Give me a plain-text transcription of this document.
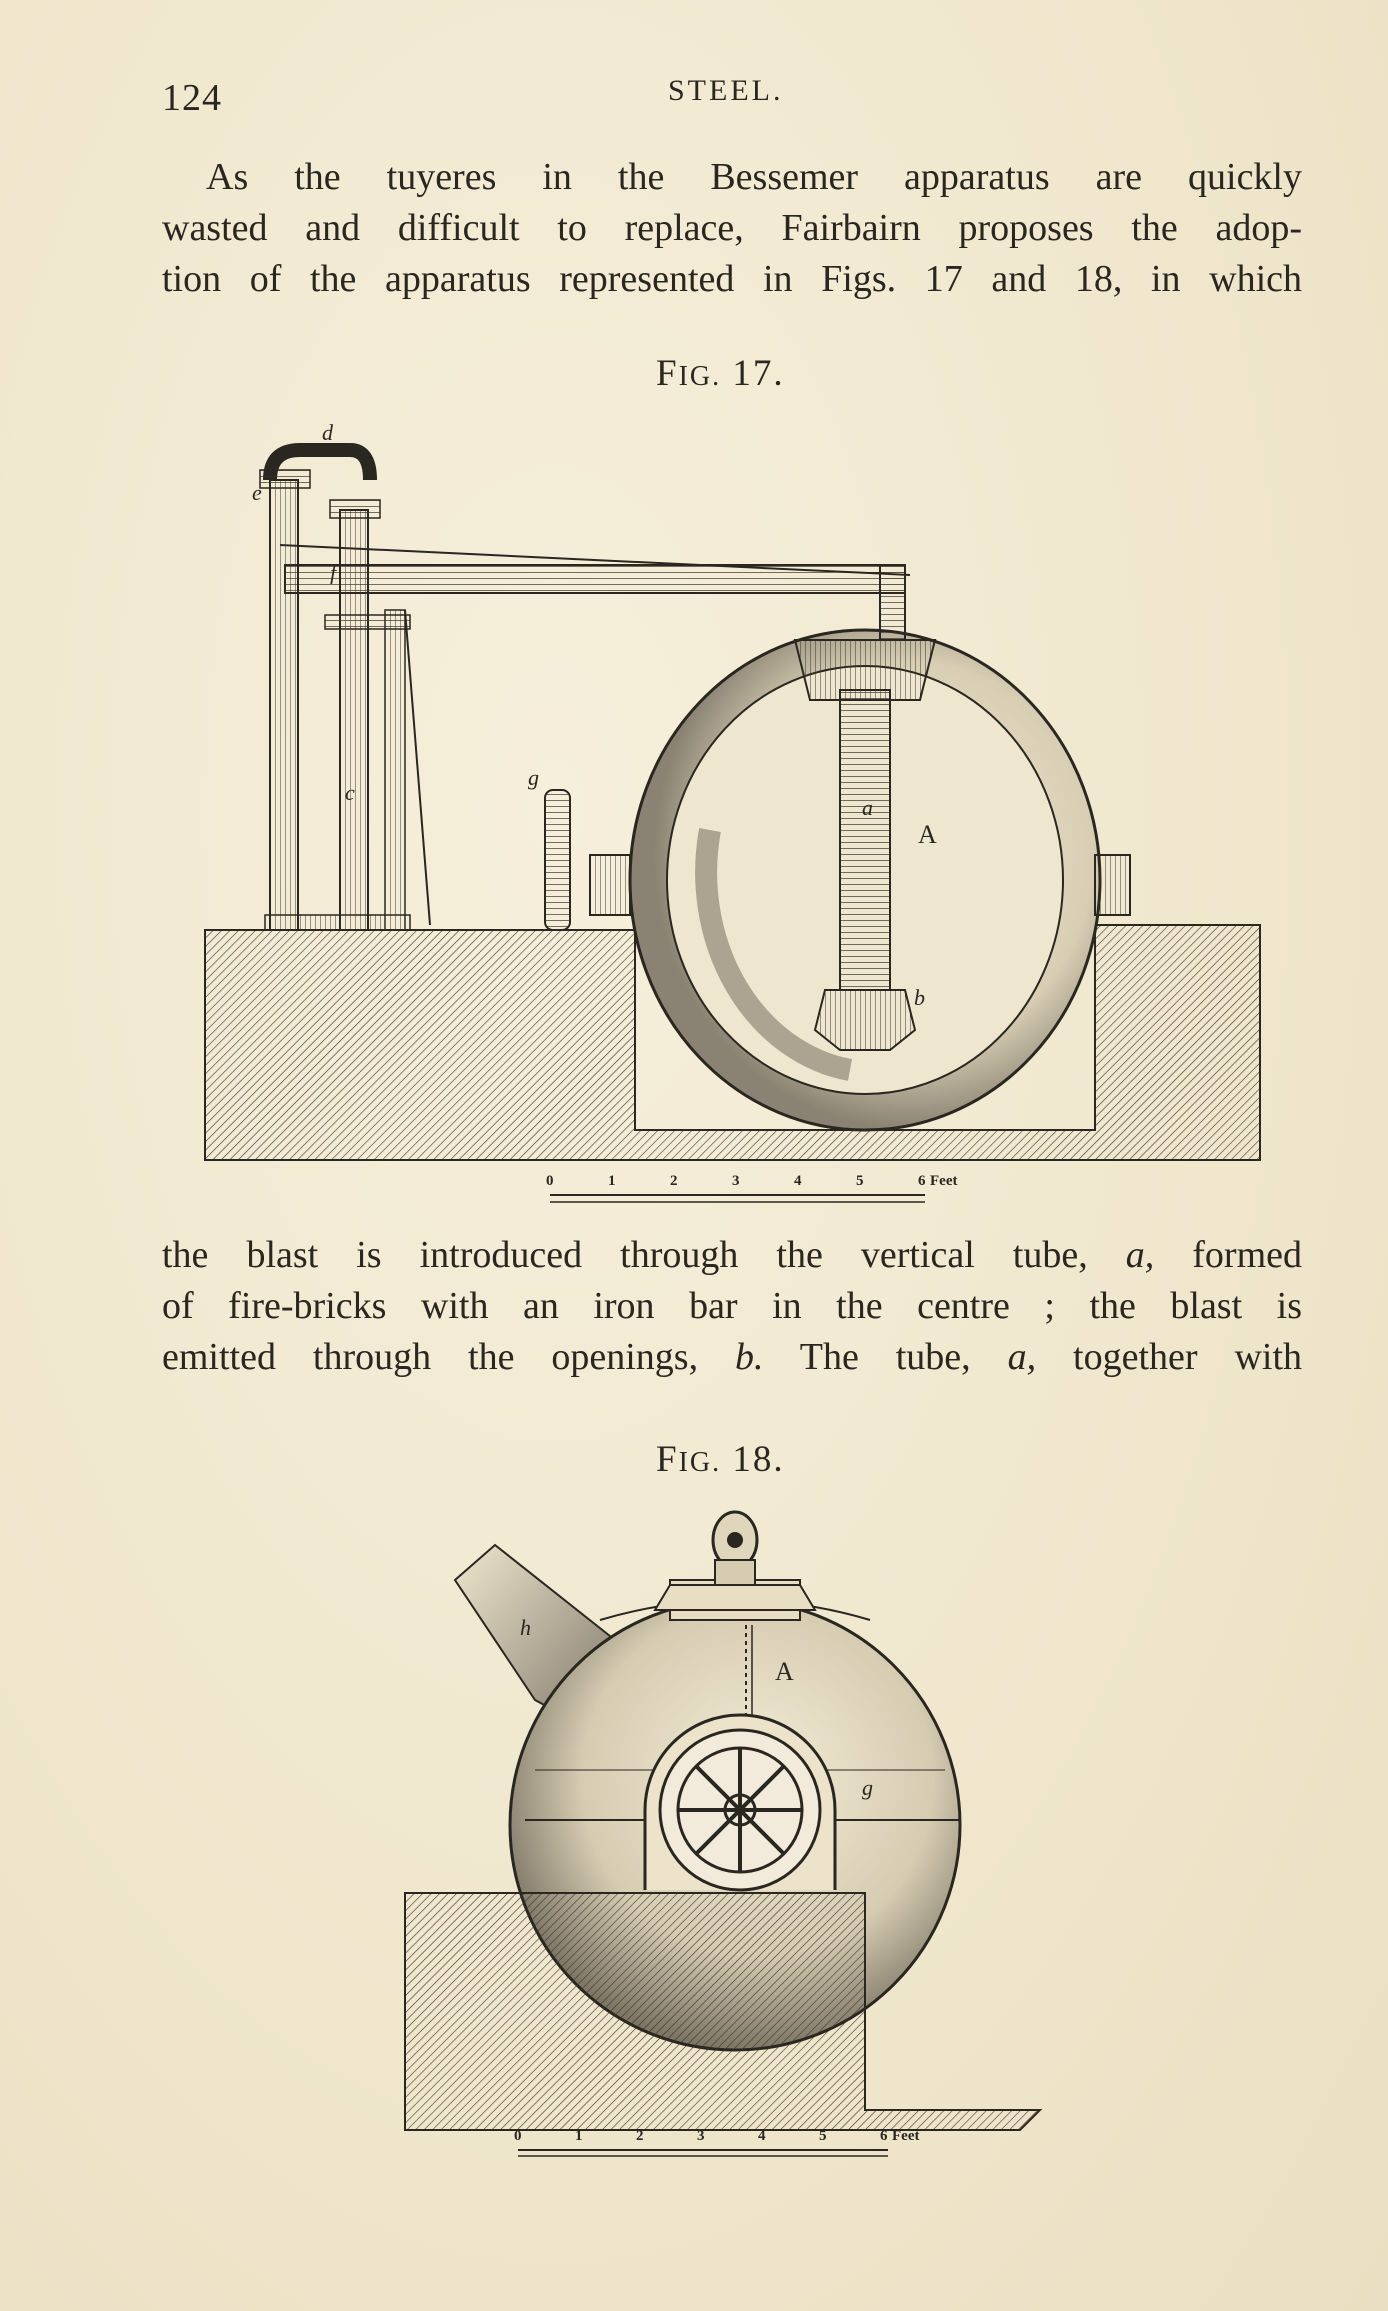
124	STEEL.

As the tuyeres in the Bessemer apparatus are quickly
wasted and difficult to replace, Fairbairn proposes the adop-
tion of the apparatus represented in Figs. 17 and 18, in which

FIG. 17.
d
e
f
c
g
a
b
A
0	1	2	3	4	5	6 Feet

the blast is introduced through the vertical tube, a, formed
of fire-bricks with an iron bar in the centre ; the blast is
emitted through the openings, b. The tube, a, together with

FIG. 18.
h
g
A
0	1	2	3	4	5	6 Feet
